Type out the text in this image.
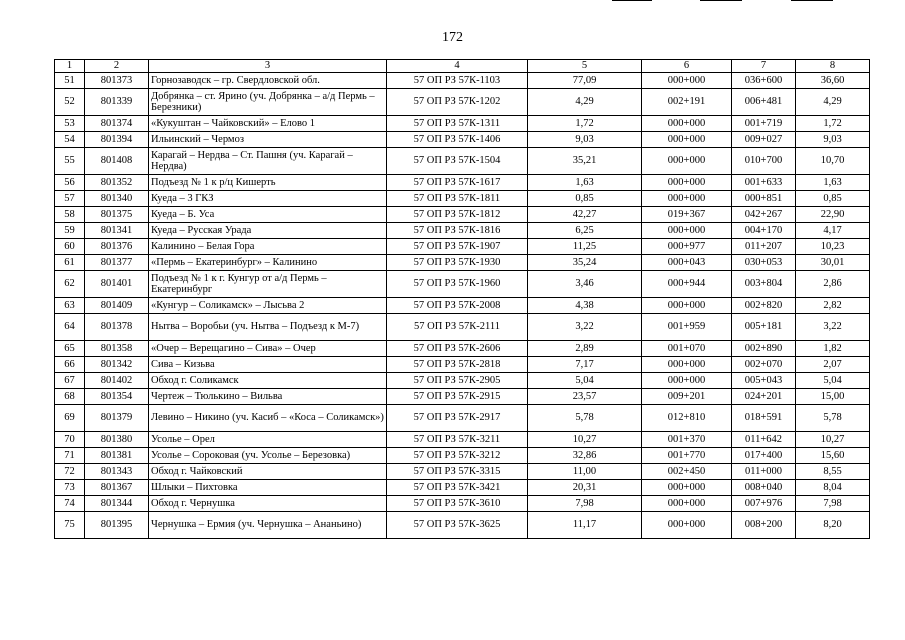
172
1	2	3	4	5	6	7	8
51	801373	Горнозаводск – гр. Свердловской обл.	57 ОП РЗ 57К-1103	77,09	000+000	036+600	36,60
52	801339	Добрянка – ст. Ярино (уч. Добрянка – а/д Пермь – Березники)	57 ОП РЗ 57К-1202	4,29	002+191	006+481	4,29
53	801374	«Кукуштан – Чайковский» – Елово 1	57 ОП РЗ 57К-1311	1,72	000+000	001+719	1,72
54	801394	Ильинский – Чермоз	57 ОП РЗ 57К-1406	9,03	000+000	009+027	9,03
55	801408	Карагай – Нердва – Ст. Пашня (уч. Карагай – Нердва)	57 ОП РЗ 57К-1504	35,21	000+000	010+700	10,70
56	801352	Подъезд № 1 к р/ц Кишерть	57 ОП РЗ 57К-1617	1,63	000+000	001+633	1,63
57	801340	Куеда – 3 ГКЗ	57 ОП РЗ 57К-1811	0,85	000+000	000+851	0,85
58	801375	Куеда – Б. Уса	57 ОП РЗ 57К-1812	42,27	019+367	042+267	22,90
59	801341	Куеда – Русская Урада	57 ОП РЗ 57К-1816	6,25	000+000	004+170	4,17
60	801376	Калинино – Белая Гора	57 ОП РЗ 57К-1907	11,25	000+977	011+207	10,23
61	801377	«Пермь – Екатеринбург» – Калинино	57 ОП РЗ 57К-1930	35,24	000+043	030+053	30,01
62	801401	Подъезд № 1 к г. Кунгур от а/д Пермь – Екатеринбург	57 ОП РЗ 57К-1960	3,46	000+944	003+804	2,86
63	801409	«Кунгур – Соликамск» – Лысьва 2	57 ОП РЗ 57К-2008	4,38	000+000	002+820	2,82
64	801378	Нытва – Воробьи (уч. Нытва – Подъезд к М-7)	57 ОП РЗ 57К-2111	3,22	001+959	005+181	3,22
65	801358	«Очер – Верещагино – Сива» – Очер	57 ОП РЗ 57К-2606	2,89	001+070	002+890	1,82
66	801342	Сива – Кизьва	57 ОП РЗ 57К-2818	7,17	000+000	002+070	2,07
67	801402	Обход г. Соликамск	57 ОП РЗ 57К-2905	5,04	000+000	005+043	5,04
68	801354	Чертеж – Тюлькино – Вильва	57 ОП РЗ 57К-2915	23,57	009+201	024+201	15,00
69	801379	Левино – Никино (уч. Касиб – «Коса – Соликамск»)	57 ОП РЗ 57К-2917	5,78	012+810	018+591	5,78
70	801380	Усолье – Орел	57 ОП РЗ 57К-3211	10,27	001+370	011+642	10,27
71	801381	Усолье – Сороковая (уч. Усолье – Березовка)	57 ОП РЗ 57К-3212	32,86	001+770	017+400	15,60
72	801343	Обход г. Чайковский	57 ОП РЗ 57К-3315	11,00	002+450	011+000	8,55
73	801367	Шлыки – Пихтовка	57 ОП РЗ 57К-3421	20,31	000+000	008+040	8,04
74	801344	Обход г. Чернушка	57 ОП РЗ 57К-3610	7,98	000+000	007+976	7,98
75	801395	Чернушка – Ермия (уч. Чернушка – Ананьино)	57 ОП РЗ 57К-3625	11,17	000+000	008+200	8,20
